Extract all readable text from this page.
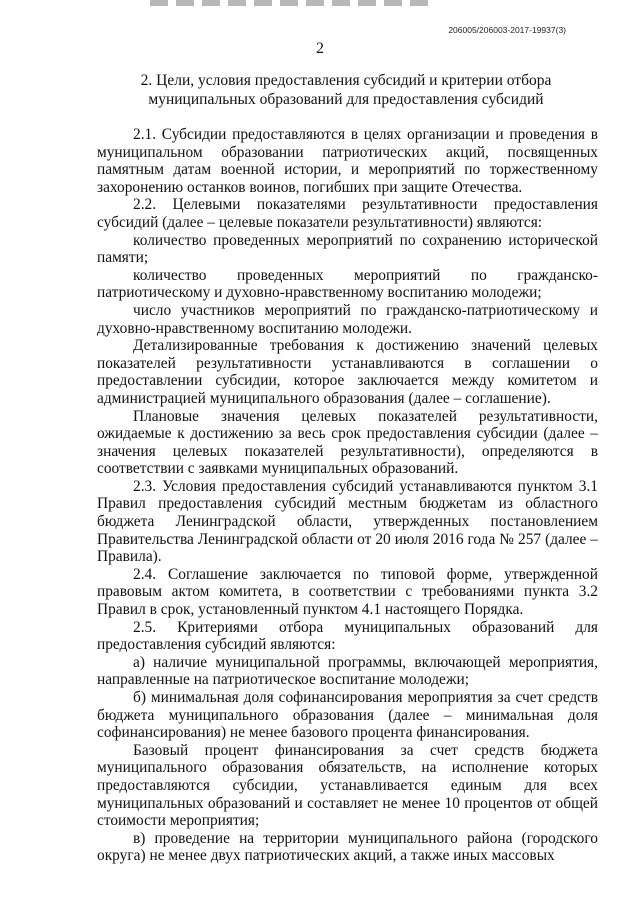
206005/206003-2017-19937(3)
2
2. Цели, условия предоставления субсидий и критерии отбора
муниципальных образований для предоставления субсидий

2.1. Субсидии предоставляются в целях организации и проведения в муниципальном образовании патриотических акций, посвященных памятным датам военной истории, и мероприятий по торжественному захоронению останков воинов, погибших при защите Отечества.

2.2. Целевыми показателями результативности предоставления субсидий (далее – целевые показатели результативности) являются:

количество проведенных мероприятий по сохранению исторической памяти;

количество проведенных мероприятий по гражданско-патриотическому и духовно-нравственному воспитанию молодежи;

число участников мероприятий по гражданско-патриотическому и духовно-нравственному воспитанию молодежи.

Детализированные требования к достижению значений целевых показателей результативности устанавливаются в соглашении о предоставлении субсидии, которое заключается между комитетом и администрацией муниципального образования (далее – соглашение).

Плановые значения целевых показателей результативности, ожидаемые к достижению за весь срок предоставления субсидии (далее – значения целевых показателей результативности), определяются в соответствии с заявками муниципальных образований.

2.3. Условия предоставления субсидий устанавливаются пунктом 3.1 Правил предоставления субсидий местным бюджетам из областного бюджета Ленинградской области, утвержденных постановлением Правительства Ленинградской области от 20 июля 2016 года № 257 (далее – Правила).

2.4. Соглашение заключается по типовой форме, утвержденной правовым актом комитета, в соответствии с требованиями пункта 3.2 Правил в срок, установленный пунктом 4.1 настоящего Порядка.

2.5. Критериями отбора муниципальных образований для предоставления субсидий являются:

а) наличие муниципальной программы, включающей мероприятия, направленные на патриотическое воспитание молодежи;

б) минимальная доля софинансирования мероприятия за счет средств бюджета муниципального образования (далее – минимальная доля софинансирования) не менее базового процента финансирования.

Базовый процент финансирования за счет средств бюджета муниципального образования обязательств, на исполнение которых предоставляются субсидии, устанавливается единым для всех муниципальных образований и составляет не менее 10 процентов от общей стоимости мероприятия;

в) проведение на территории муниципального района (городского округа) не менее двух патриотических акций, а также иных массовых
